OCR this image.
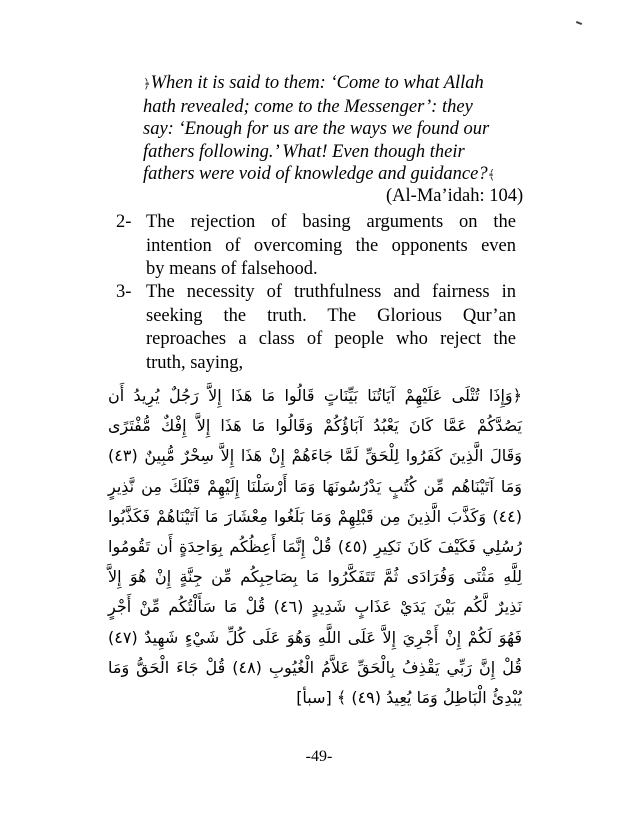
﴿When it is said to them: ‘Come to what Allah
hath revealed; come to the Messenger’: they
say: ‘Enough for us are the ways we found our
fathers following.’ What! Even though their
fathers were void of knowledge and guidance?﴾
(Al-Ma’idah: 104)
2- The rejection of basing arguments on the
intention of overcoming the opponents even
by means of falsehood.
3- The necessity of truthfulness and fairness in
seeking the truth. The Glorious Qur’an
reproaches a class of people who reject the
truth, saying,
﴿وَإِذَا تُتْلَى عَلَيْهِمْ آيَاتُنَا بَيِّنَاتٍ قَالُوا مَا هَذَا إِلاَّ رَجُلٌ يُرِيدُ أَن
يَصُدَّكُمْ عَمَّا كَانَ يَعْبُدُ آبَاؤُكُمْ وَقَالُوا مَا هَذَا إِلاَّ إِفْكٌ مُّفْتَرًى
وَقَالَ الَّذِينَ كَفَرُوا لِلْحَقِّ لَمَّا جَاءَهُمْ إِنْ هَذَا إِلاَّ سِحْرٌ مُّبِينٌ (٤٣)
وَمَا آتَيْنَاهُم مِّن كُتُبٍ يَدْرُسُونَهَا وَمَا أَرْسَلْنَا إِلَيْهِمْ قَبْلَكَ مِن نَّذِيرٍ
(٤٤) وَكَذَّبَ الَّذِينَ مِن قَبْلِهِمْ وَمَا بَلَغُوا مِعْشَارَ مَا آتَيْنَاهُمْ فَكَذَّبُوا
رُسُلِي فَكَيْفَ كَانَ نَكِيرِ (٤٥) قُلْ إِنَّمَا أَعِظُكُم بِوَاحِدَةٍ أَن تَقُومُوا
لِلَّهِ مَثْنَى وَفُرَادَى ثُمَّ تَتَفَكَّرُوا مَا بِصَاحِبِكُم مِّن جِنَّةٍ إِنْ هُوَ إِلاَّ
نَذِيرٌ لَّكُم بَيْنَ يَدَيْ عَذَابٍ شَدِيدٍ (٤٦) قُلْ مَا سَأَلْتُكُم مِّنْ أَجْرٍ
فَهُوَ لَكُمْ إِنْ أَجْرِيَ إِلاَّ عَلَى اللَّهِ وَهُوَ عَلَى كُلِّ شَيْءٍ شَهِيدٌ (٤٧)
قُلْ إِنَّ رَبِّي يَقْذِفُ بِالْحَقِّ عَلاَّمُ الْغُيُوبِ (٤٨) قُلْ جَاءَ الْحَقُّ وَمَا
يُبْدِئُ الْبَاطِلُ وَمَا يُعِيدُ (٤٩) ﴾ [سبأ]
-49-
